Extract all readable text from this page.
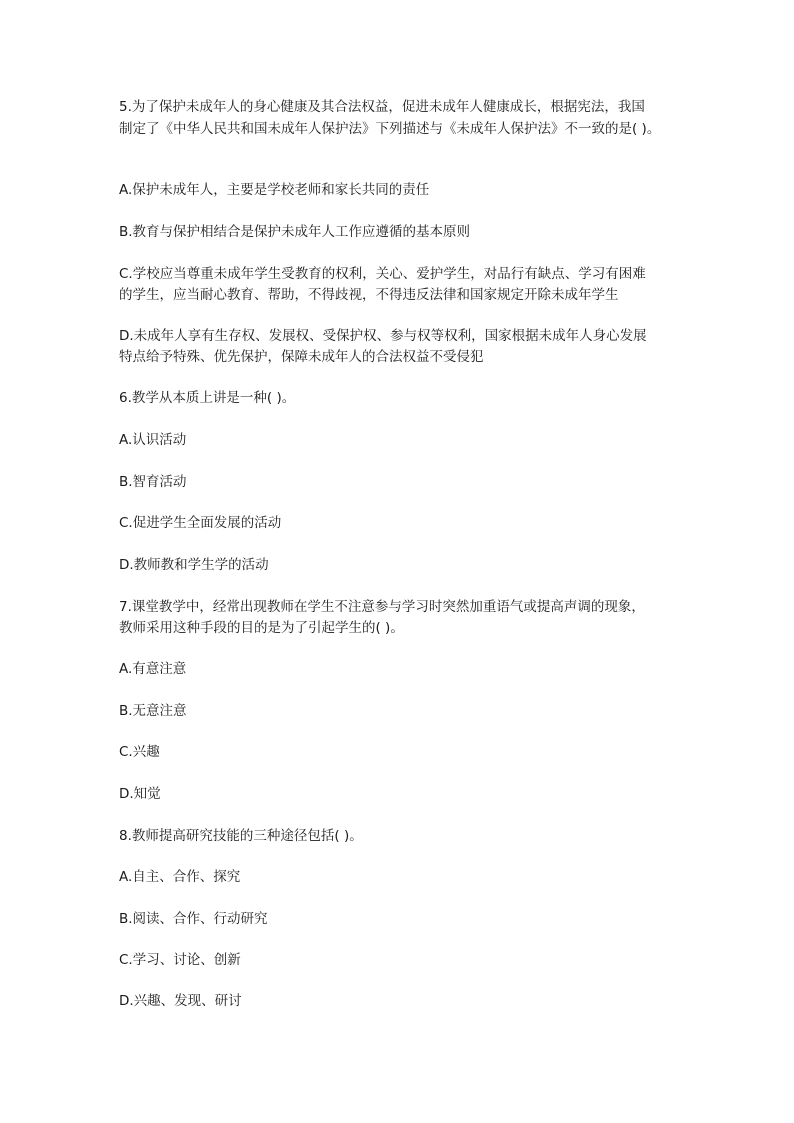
5.为了保护未成年人的身心健康及其合法权益，促进未成年人健康成长，根据宪法，我国
制定了《中华人民共和国未成年人保护法》下列描述与《未成年人保护法》不一致的是( )。
A.保护未成年人，主要是学校老师和家长共同的责任
B.教育与保护相结合是保护未成年人工作应遵循的基本原则
C.学校应当尊重未成年学生受教育的权利，关心、爱护学生，对品行有缺点、学习有困难
的学生，应当耐心教育、帮助，不得歧视，不得违反法律和国家规定开除未成年学生
D.未成年人享有生存权、发展权、受保护权、参与权等权利，国家根据未成年人身心发展
特点给予特殊、优先保护，保障未成年人的合法权益不受侵犯
6.教学从本质上讲是一种( )。
A.认识活动
B.智育活动
C.促进学生全面发展的活动
D.教师教和学生学的活动
7.课堂教学中，经常出现教师在学生不注意参与学习时突然加重语气或提高声调的现象，
教师采用这种手段的目的是为了引起学生的( )。
A.有意注意
B.无意注意
C.兴趣
D.知觉
8.教师提高研究技能的三种途径包括( )。
A.自主、合作、探究
B.阅读、合作、行动研究
C.学习、讨论、创新
D.兴趣、发现、研讨
